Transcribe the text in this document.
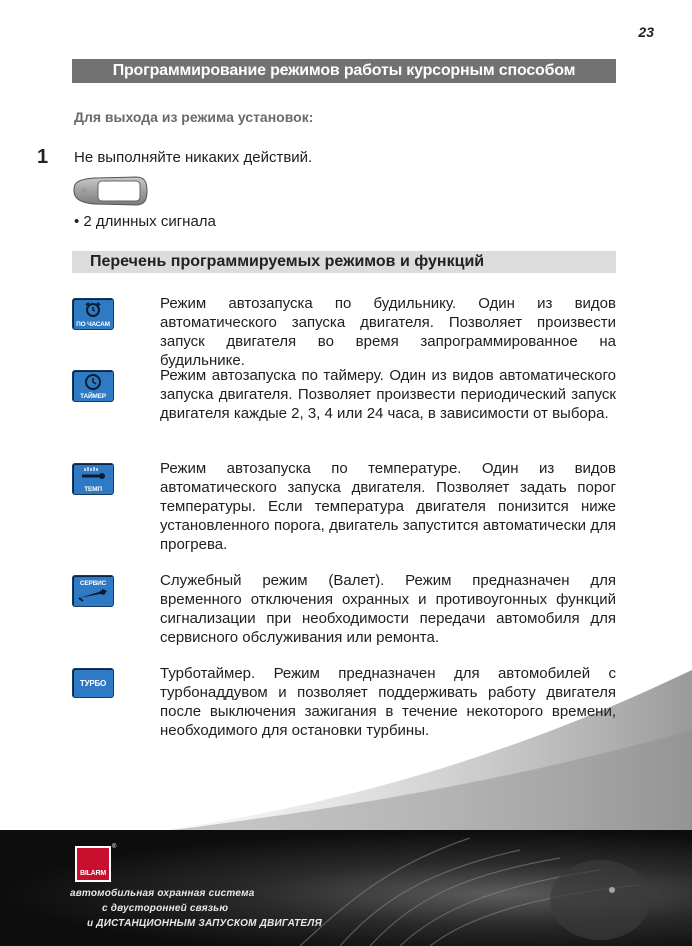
23
Программирование режимов работы курсорным способом
Для выхода из режима установок:
1 Не выполняйте никаких действий.
• 2 длинных сигнала
Перечень программируемых режимов и функций
ПО ЧАСАМ
Режим автозапуска по будильнику. Один из видов автоматического запуска двигателя. Позволяет произвести запуск двигателя во время запрограммированное на будильнике.
ТАЙМЕР
Режим автозапуска по таймеру. Один из видов автоматического запуска двигателя. Позволяет произвести периодический запуск двигателя каждые 2, 3, 4 или 24 часа, в зависимости от выбора.
ТЕМП
Режим автозапуска по температуре. Один из видов автоматического запуска двигателя. Позволяет задать порог температуры. Если температура двигателя понизится ниже установленного порога, двигатель запустится автоматически для прогрева.
СЕРВИС	Служебный режим (Валет). Режим предназначен для временного отключения охранных и противоугонных функций сигнализации при необходимости передачи автомобиля для сервисного обслуживания или ремонта.
ТУРБО
Турботаймер. Режим предназначен для автомобилей с турбонаддувом и позволяет поддерживать работу двигателя после выключения зажигания в течение некоторого времени, необходимого для остановки турбины.
BILARM
®
автомобильная охранная система
с двусторонней связью
и ДИСТАНЦИОННЫМ ЗАПУСКОМ ДВИГАТЕЛЯ
